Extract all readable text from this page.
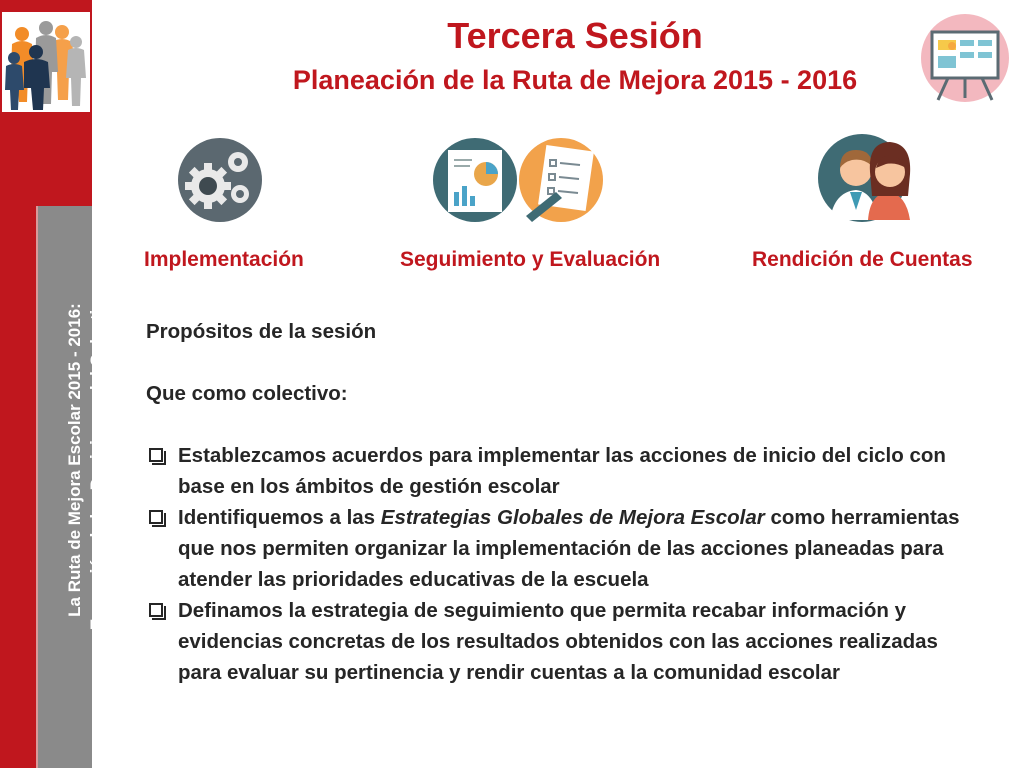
La Ruta de Mejora Escolar 2015 - 2016: Expresión de las Decisiones del Colectivo
Tercera Sesión
Planeación de la Ruta de Mejora 2015 - 2016
Implementación	Seguimiento y Evaluación	Rendición de Cuentas

Propósitos de la sesión

Que como colectivo:

Establezcamos acuerdos para implementar las acciones de inicio del ciclo con base en los ámbitos de gestión escolar
Identifiquemos a las Estrategias Globales de Mejora Escolar como herramientas que nos permiten organizar la implementación de las acciones planeadas para atender las prioridades educativas de la escuela
Definamos la estrategia de seguimiento que permita recabar información y evidencias concretas de los resultados obtenidos con las acciones realizadas para evaluar su pertinencia y rendir cuentas a la comunidad escolar
